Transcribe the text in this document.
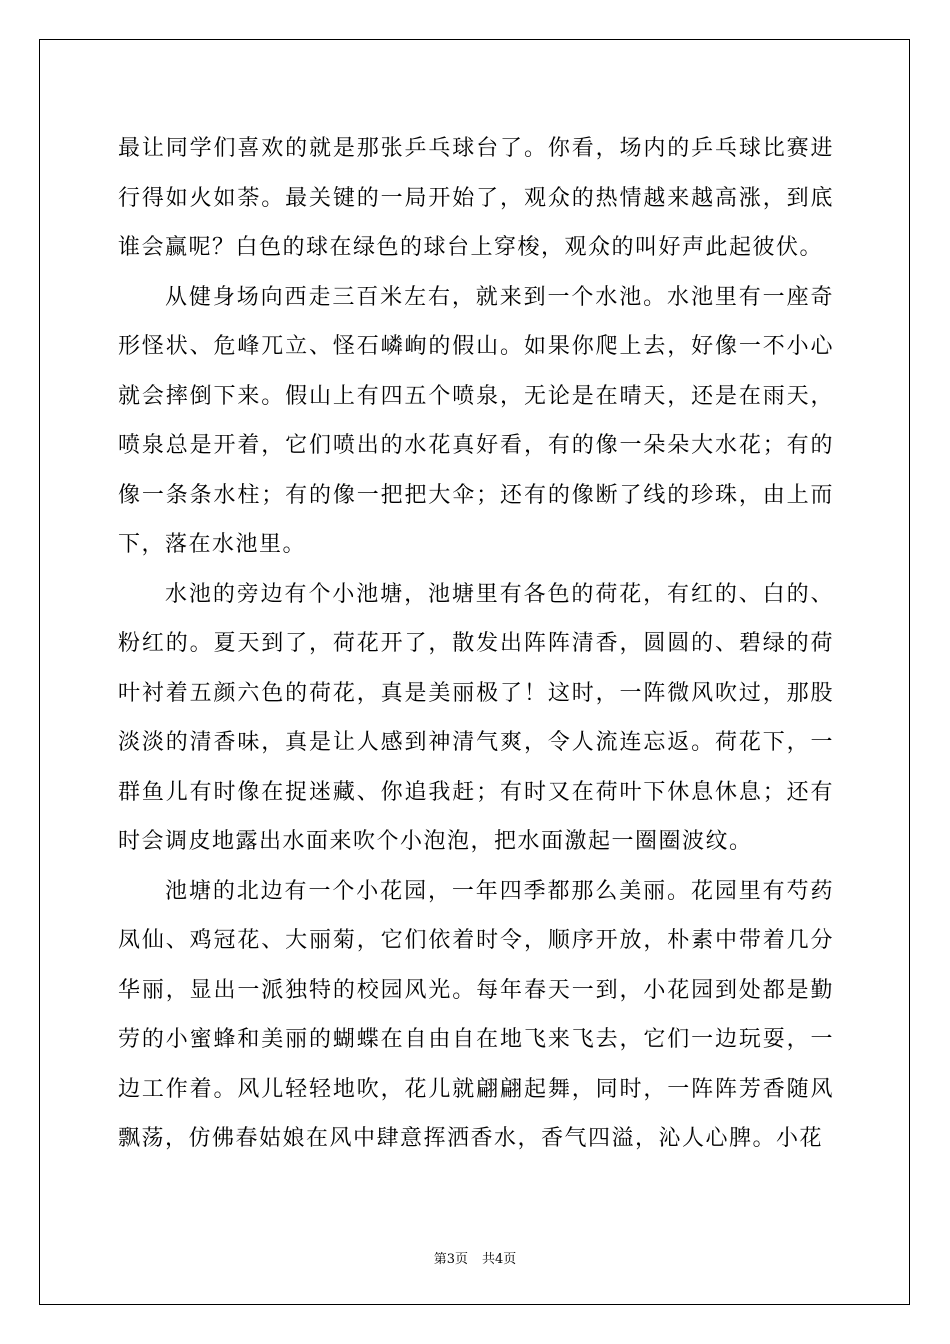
最让同学们喜欢的就是那张乒乓球台了。你看，场内的乒乓球比赛进行得如火如荼。最关键的一局开始了，观众的热情越来越高涨，到底谁会赢呢？白色的球在绿色的球台上穿梭，观众的叫好声此起彼伏。

从健身场向西走三百米左右，就来到一个水池。水池里有一座奇形怪状、危峰兀立、怪石嶙峋的假山。如果你爬上去，好像一不小心就会摔倒下来。假山上有四五个喷泉，无论是在晴天，还是在雨天，喷泉总是开着，它们喷出的水花真好看，有的像一朵朵大水花；有的像一条条水柱；有的像一把把大伞；还有的像断了线的珍珠，由上而下，落在水池里。

水池的旁边有个小池塘，池塘里有各色的荷花，有红的、白的、粉红的。夏天到了，荷花开了，散发出阵阵清香，圆圆的、碧绿的荷叶衬着五颜六色的荷花，真是美丽极了！这时，一阵微风吹过，那股淡淡的清香味，真是让人感到神清气爽，令人流连忘返。荷花下，一群鱼儿有时像在捉迷藏、你追我赶；有时又在荷叶下休息休息；还有时会调皮地露出水面来吹个小泡泡，把水面激起一圈圈波纹。

池塘的北边有一个小花园，一年四季都那么美丽。花园里有芍药凤仙、鸡冠花、大丽菊，它们依着时令，顺序开放，朴素中带着几分华丽，显出一派独特的校园风光。每年春天一到，小花园到处都是勤劳的小蜜蜂和美丽的蝴蝶在自由自在地飞来飞去，它们一边玩耍，一边工作着。风儿轻轻地吹，花儿就翩翩起舞，同时，一阵阵芳香随风飘荡，仿佛春姑娘在风中肆意挥洒香水，香气四溢，沁人心脾。小花

第3页 共4页
